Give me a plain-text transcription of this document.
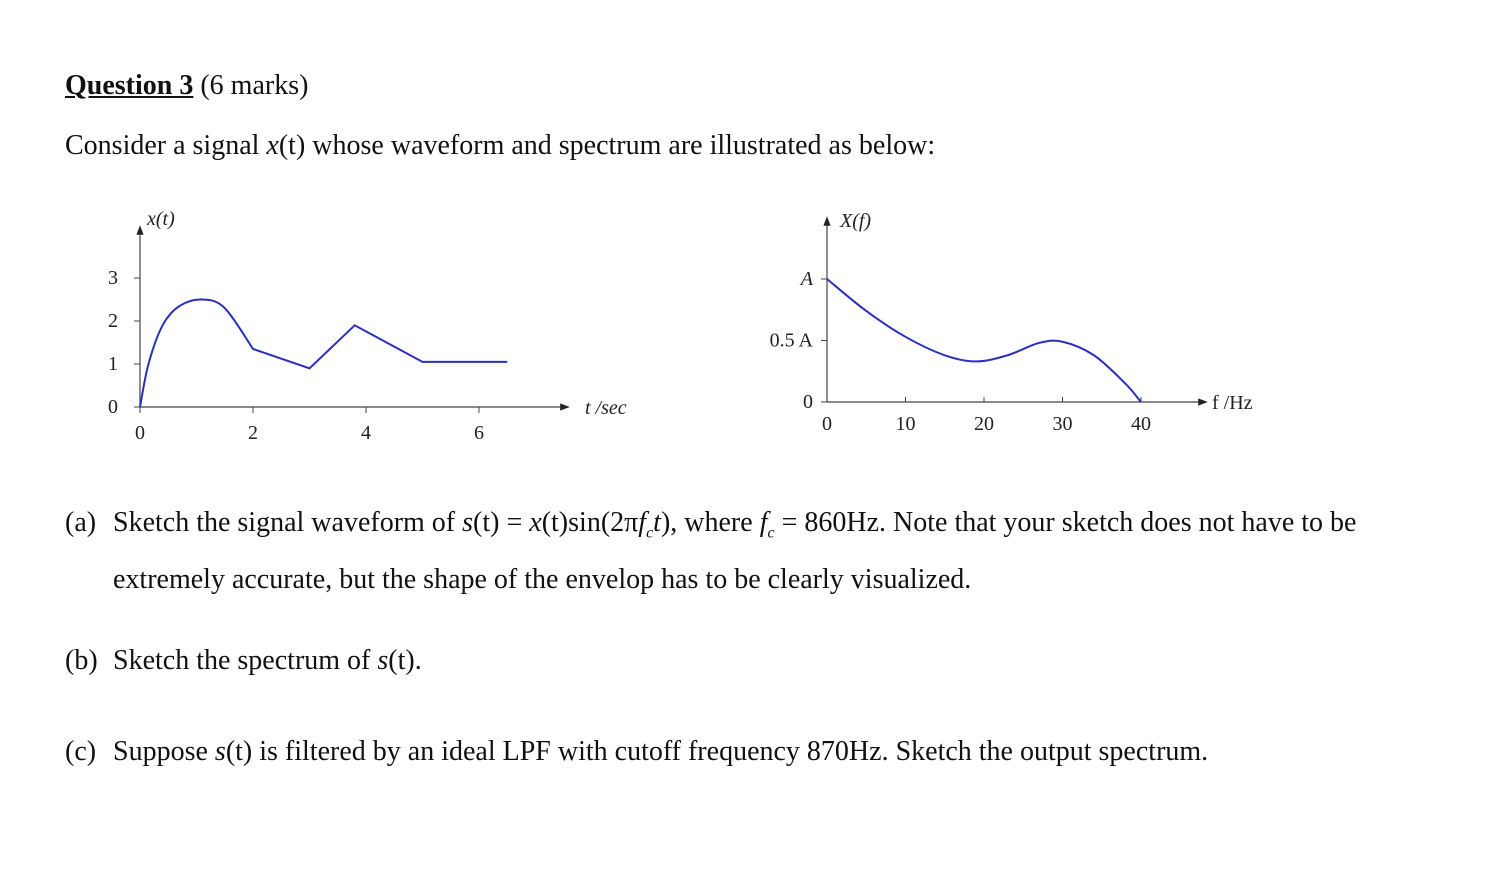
Question 3 (6 marks)
Consider a signal x(t) whose waveform and spectrum are illustrated as below:
0
1
2
3
0	2	4	6
x(t)
t /sec	0
0.5 A
A
0	10	20	30	40
X(f)
f /Hz
(a) Sketch the signal waveform of $s(t) = x(t)\sin(2\pi f_ct)$, where $f_c = 860Hz$. Note that your sketch does not have to be
extremely accurate, but the shape of the envelop has to be clearly visualized.
(b) Sketch the spectrum of s(t).
(c) Suppose s(t) is filtered by an ideal LPF with cutoff frequency 870Hz. Sketch the output spectrum.
